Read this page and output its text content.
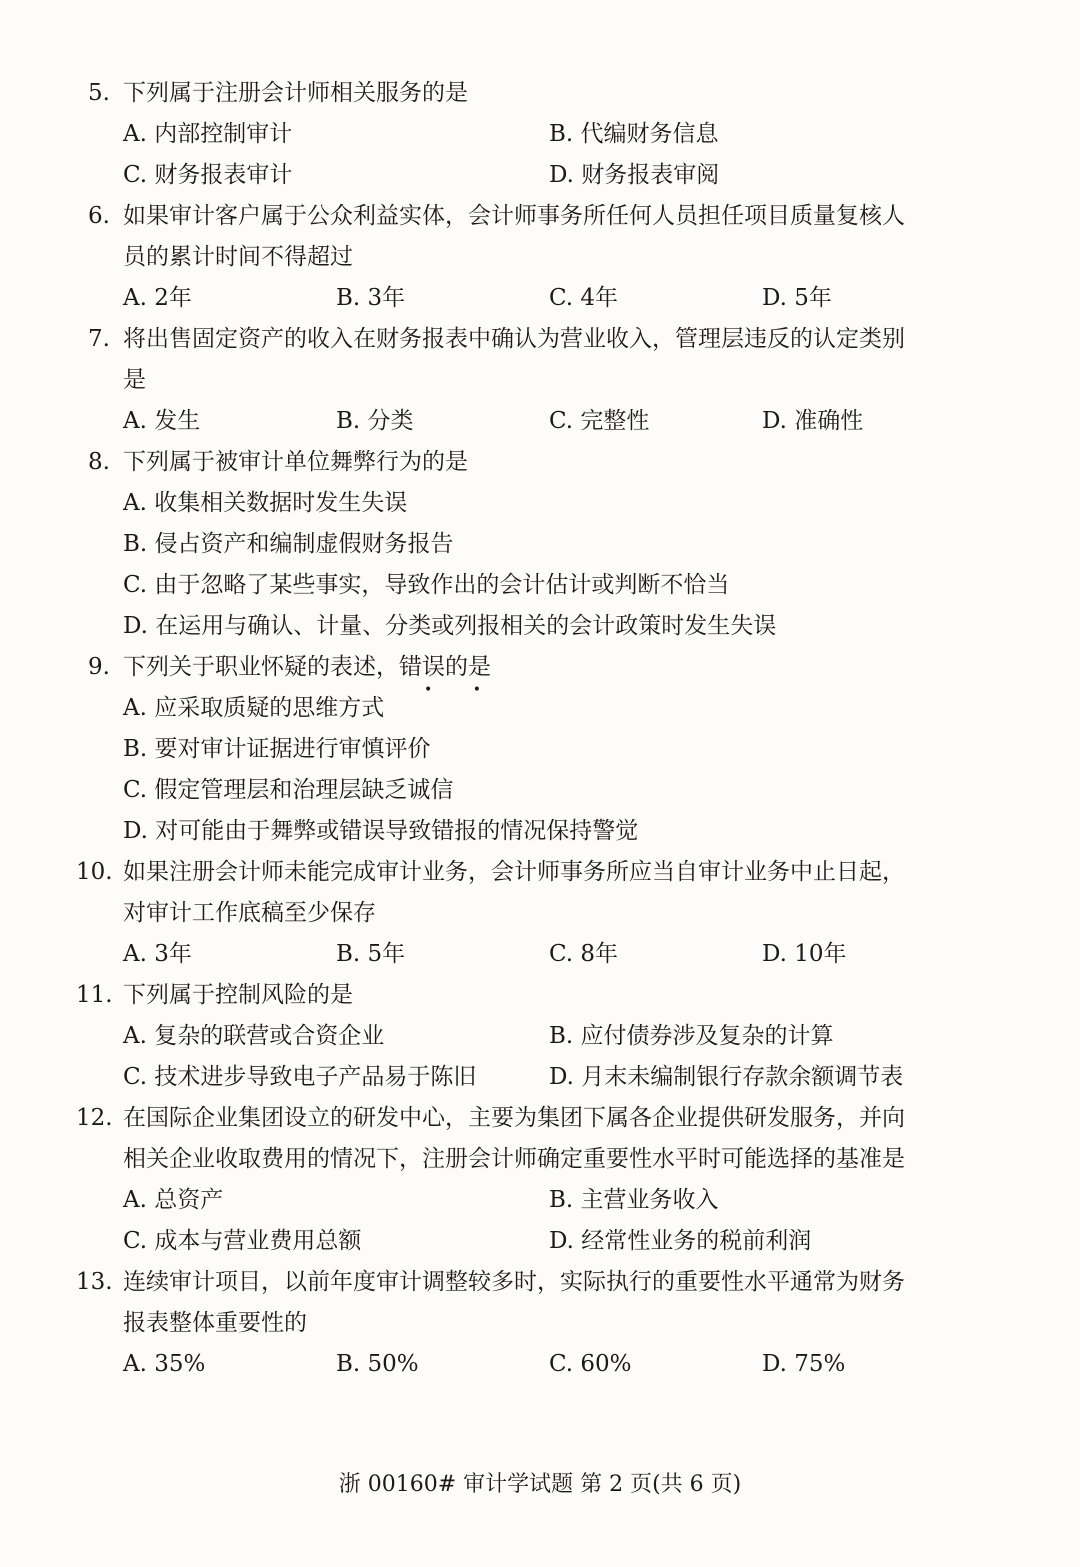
5. 下列属于注册会计师相关服务的是
A. 内部控制审计	B. 代编财务信息
C. 财务报表审计	D. 财务报表审阅
6. 如果审计客户属于公众利益实体，会计师事务所任何人员担任项目质量复核人
员的累计时间不得超过
A. 2年	B. 3年	C. 4年	D. 5年
7. 将出售固定资产的收入在财务报表中确认为营业收入，管理层违反的认定类别
是
A. 发生	B. 分类	C. 完整性	D. 准确性
8. 下列属于被审计单位舞弊行为的是
A. 收集相关数据时发生失误
B. 侵占资产和编制虚假财务报告
C. 由于忽略了某些事实，导致作出的会计估计或判断不恰当
D. 在运用与确认、计量、分类或列报相关的会计政策时发生失误
9. 下列关于职业怀疑的表述，错误的是
• •
A. 应采取质疑的思维方式
B. 要对审计证据进行审慎评价
C. 假定管理层和治理层缺乏诚信
D. 对可能由于舞弊或错误导致错报的情况保持警觉
10. 如果注册会计师未能完成审计业务，会计师事务所应当自审计业务中止日起，
对审计工作底稿至少保存
A. 3年	B. 5年	C. 8年	D. 10年
11. 下列属于控制风险的是
A. 复杂的联营或合资企业	B. 应付债券涉及复杂的计算
C. 技术进步导致电子产品易于陈旧	D. 月末未编制银行存款余额调节表
12. 在国际企业集团设立的研发中心，主要为集团下属各企业提供研发服务，并向
相关企业收取费用的情况下，注册会计师确定重要性水平时可能选择的基准是
A. 总资产	B. 主营业务收入
C. 成本与营业费用总额	D. 经常性业务的税前利润
13. 连续审计项目，以前年度审计调整较多时，实际执行的重要性水平通常为财务
报表整体重要性的
A. 35%	B. 50%	C. 60%	D. 75%
浙 00160# 审计学试题 第 2 页(共 6 页)
